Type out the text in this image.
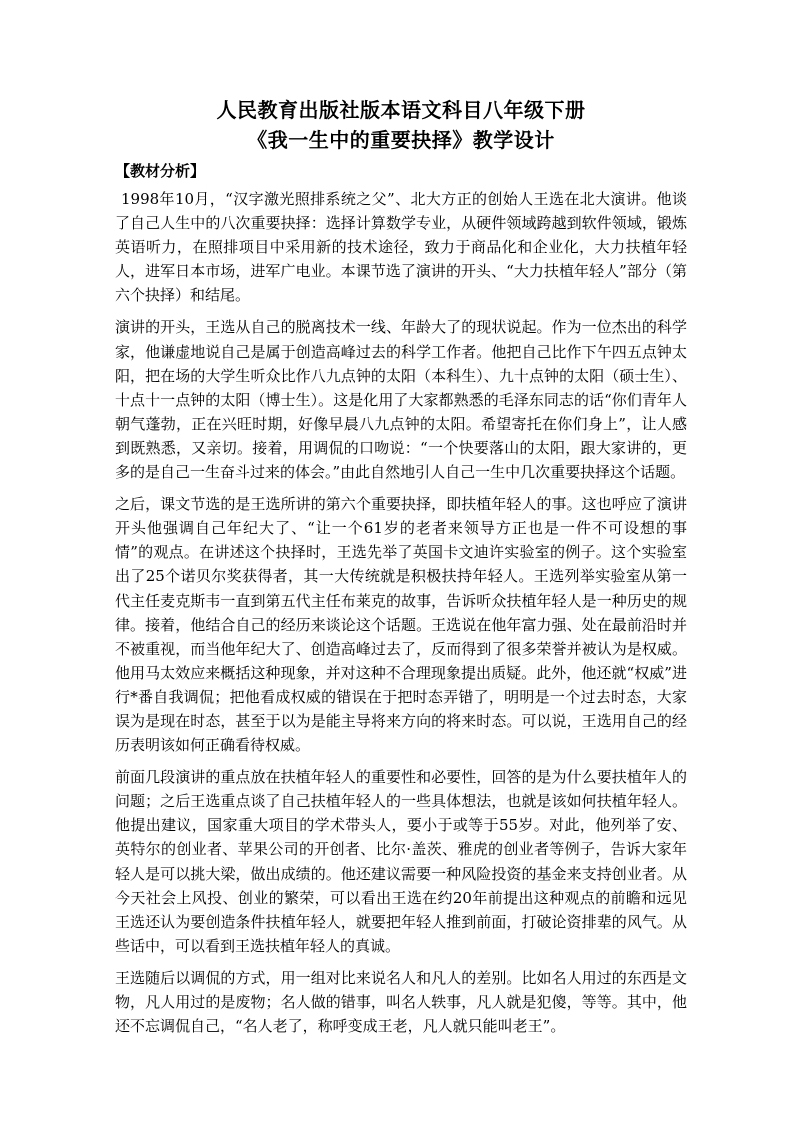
人民教育出版社版本语文科目八年级下册
《我一生中的重要抉择》教学设计
【教材分析】

1998年10月，“汉字激光照排系统之父”、北大方正的创始人王选在北大演讲。他谈了自己人生中的八次重要抉择：选择计算数学专业，从硬件领域跨越到软件领域，锻炼英语听力，在照排项目中采用新的技术途径，致力于商品化和企业化，大力扶植年轻人，进军日本市场，进军广电业。本课节选了演讲的开头、“大力扶植年轻人”部分（第六个抉择）和结尾。

演讲的开头，王选从自己的脱离技术一线、年龄大了的现状说起。作为一位杰出的科学家，他谦虚地说自己是属于创造高峰过去的科学工作者。他把自己比作下午四五点钟太阳，把在场的大学生听众比作八九点钟的太阳（本科生）、九十点钟的太阳（硕士生）、十点十一点钟的太阳（博士生）。这是化用了大家都熟悉的毛泽东同志的话“你们青年人朝气蓬勃，正在兴旺时期，好像早晨八九点钟的太阳。希望寄托在你们身上”，让人感到既熟悉，又亲切。接着，用调侃的口吻说：“一个快要落山的太阳，跟大家讲的，更多的是自己一生奋斗过来的体会。”由此自然地引人自己一生中几次重要抉择这个话题。

之后，课文节选的是王选所讲的第六个重要抉择，即扶植年轻人的事。这也呼应了演讲开头他强调自己年纪大了、“让一个61岁的老者来领导方正也是一件不可设想的事情”的观点。在讲述这个抉择时，王选先举了英国卡文迪许实验室的例子。这个实验室出了25个诺贝尔奖获得者，其一大传统就是积极扶持年轻人。王选列举实验室从第一代主任麦克斯韦一直到第五代主任布莱克的故事，告诉听众扶植年轻人是一种历史的规律。接着，他结合自己的经历来谈论这个话题。王选说在他年富力强、处在最前沿时并不被重视，而当他年纪大了、创造高峰过去了，反而得到了很多荣誉并被认为是权威。他用马太效应来概括这种现象，并对这种不合理现象提出质疑。此外，他还就“权威”进行*番自我调侃；把他看成权威的错误在于把时态弄错了，明明是一个过去时态，大家误为是现在时态，甚至于以为是能主导将来方向的将来时态。可以说，王选用自己的经历表明该如何正确看待权威。

前面几段演讲的重点放在扶植年轻人的重要性和必要性，回答的是为什么要扶植年人的问题；之后王选重点谈了自己扶植年轻人的一些具体想法，也就是该如何扶植年轻人。他提出建议，国家重大项目的学术带头人，要小于或等于55岁。对此，他列举了安、英特尔的创业者、苹果公司的开创者、比尔·盖茨、雅虎的创业者等例子，告诉大家年轻人是可以挑大梁，做出成绩的。他还建议需要一种风险投资的基金来支持创业者。从今天社会上风投、创业的繁荣，可以看出王选在约20年前提出这种观点的前瞻和远见王选还认为要创造条件扶植年轻人，就要把年轻人推到前面，打破论资排辈的风气。从些话中，可以看到王选扶植年轻人的真诚。

王选随后以调侃的方式，用一组对比来说名人和凡人的差别。比如名人用过的东西是文物，凡人用过的是废物；名人做的错事，叫名人轶事，凡人就是犯傻，等等。其中，他还不忘调侃自己，“名人老了，称呼变成王老，凡人就只能叫老王”。
